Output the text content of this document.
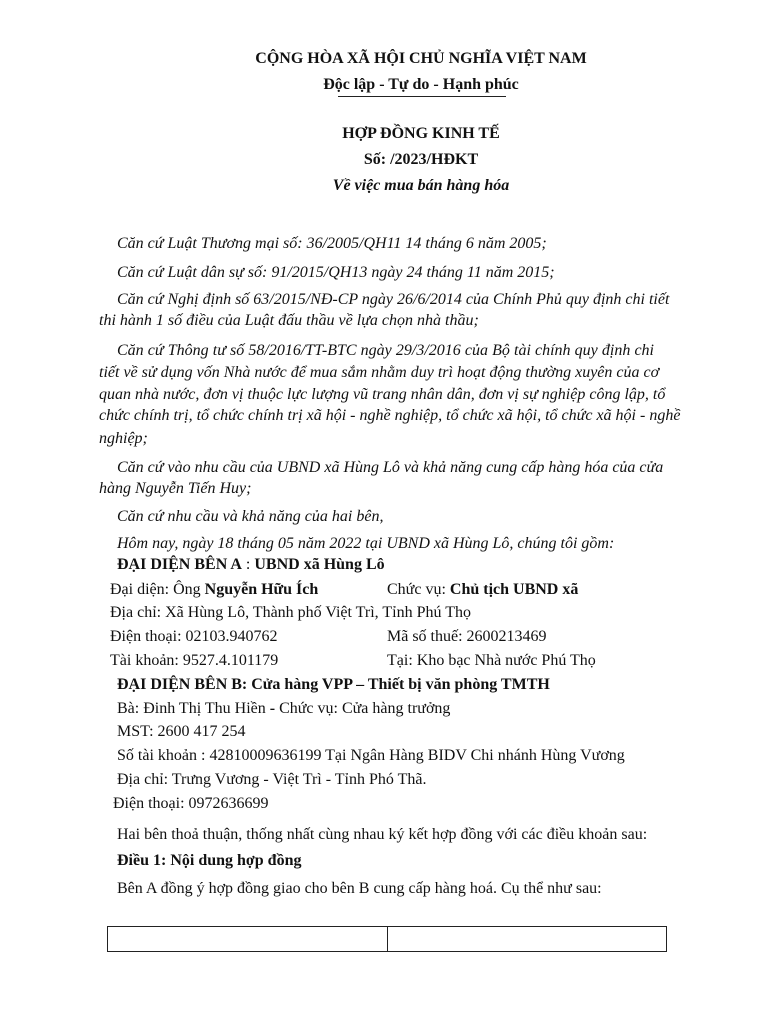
CỘNG HÒA XÃ HỘI CHỦ NGHĨA VIỆT NAM
Độc lập - Tự do - Hạnh phúc
HỢP ĐỒNG KINH TẾ
Số: /2023/HĐKT
Về việc mua bán hàng hóa
Căn cứ Luật Thương mại số: 36/2005/QH11 14 tháng 6 năm 2005;
Căn cứ Luật dân sự số: 91/2015/QH13 ngày 24 tháng 11 năm 2015;
Căn cứ Nghị định số 63/2015/NĐ-CP ngày 26/6/2014 của Chính Phủ quy định chi tiết
thi hành 1 số điều của Luật đấu thầu về lựa chọn nhà thầu;
Căn cứ Thông tư số 58/2016/TT-BTC ngày 29/3/2016 của Bộ tài chính quy định chi
tiết về sử dụng vốn Nhà nước để mua sắm nhằm duy trì hoạt động thường xuyên của cơ
quan nhà nước, đơn vị thuộc lực lượng vũ trang nhân dân, đơn vị sự nghiệp công lập, tổ
chức chính trị, tổ chức chính trị xã hội - nghề nghiệp, tổ chức xã hội, tổ chức xã hội - nghề
nghiệp;
Căn cứ vào nhu cầu của UBND xã Hùng Lô và khả năng cung cấp hàng hóa của cửa
hàng Nguyễn Tiến Huy;
Căn cứ nhu cầu và khả năng của hai bên,
Hôm nay, ngày 18 tháng 05 năm 2022 tại UBND xã Hùng Lô, chúng tôi gồm:
ĐẠI DIỆN BÊN A : UBND xã Hùng Lô
Đại diện: Ông Nguyễn Hữu Ích	Chức vụ: Chủ tịch UBND xã
Địa chỉ: Xã Hùng Lô, Thành phố Việt Trì, Tỉnh Phú Thọ
Điện thoại: 02103.940762	Mã số thuế: 2600213469
Tài khoản: 9527.4.101179	Tại: Kho bạc Nhà nước Phú Thọ
ĐẠI DIỆN BÊN B: Cửa hàng VPP – Thiết bị văn phòng TMTH
Bà: Đinh Thị Thu Hiền - Chức vụ: Cửa hàng trưởng
MST: 2600 417 254
Số tài khoản : 42810009636199 Tại Ngân Hàng BIDV Chi nhánh Hùng Vương
Địa chỉ: Trưng Vương - Việt Trì - Tỉnh Phó Thã.
Điện thoại: 0972636699
Hai bên thoả thuận, thống nhất cùng nhau ký kết hợp đồng với các điều khoản sau:
Điều 1: Nội dung hợp đồng
Bên A đồng ý hợp đồng giao cho bên B cung cấp hàng hoá. Cụ thể như sau:
